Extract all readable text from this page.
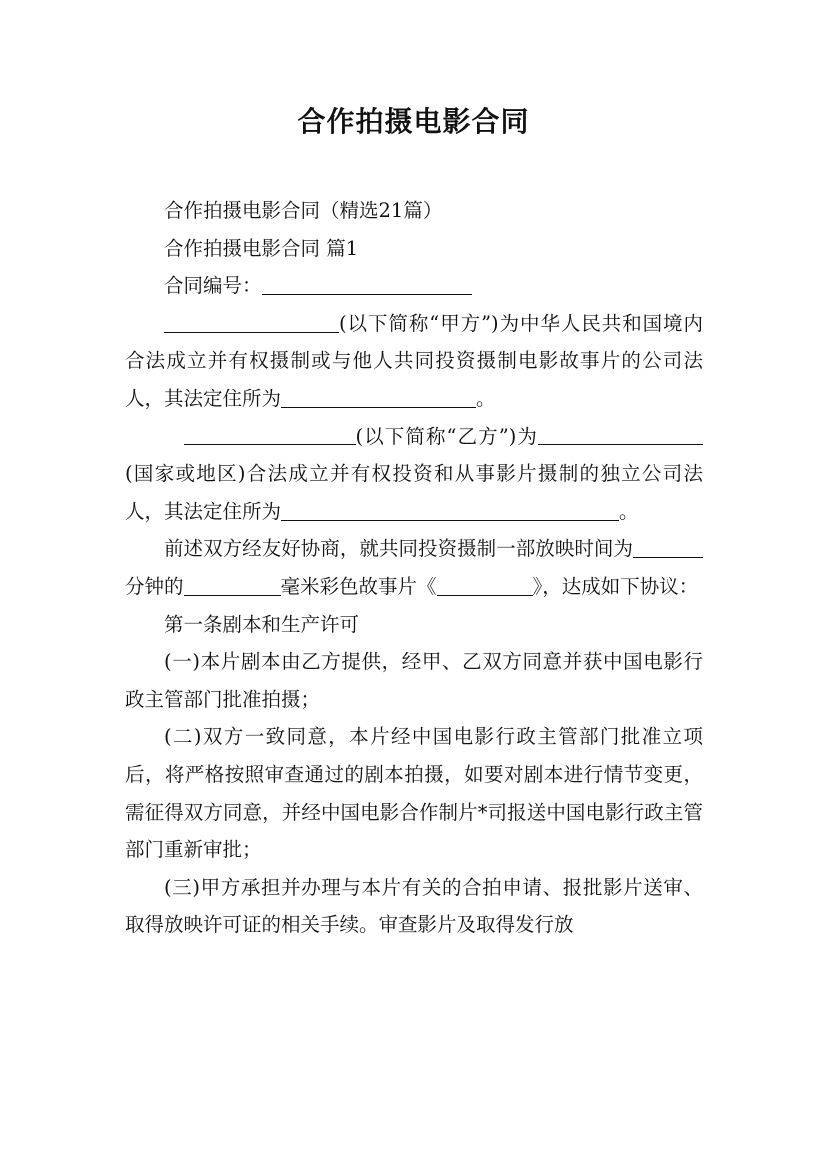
合作拍摄电影合同

合作拍摄电影合同（精选21篇）

合作拍摄电影合同 篇1

合同编号：

(以下简称“甲方”)为中华人民共和国境内合法成立并有权摄制或与他人共同投资摄制电影故事片的公司法人，其法定住所为	。

(以下简称“乙方”)为(国家或地区)合法成立并有权投资和从事影片摄制的独立公司法人，其法定住所为	。

前述双方经友好协商，就共同投资摄制一部放映时间为分钟的	毫米彩色故事片《	》，达成如下协议：

第一条剧本和生产许可

(一)本片剧本由乙方提供，经甲、乙双方同意并获中国电影行政主管部门批准拍摄；

(二)双方一致同意，本片经中国电影行政主管部门批准立项后，将严格按照审查通过的剧本拍摄，如要对剧本进行情节变更，需征得双方同意，并经中国电影合作制片*司报送中国电影行政主管部门重新审批；

(三)甲方承担并办理与本片有关的合拍申请、报批影片送审、取得放映许可证的相关手续。审查影片及取得发行放
